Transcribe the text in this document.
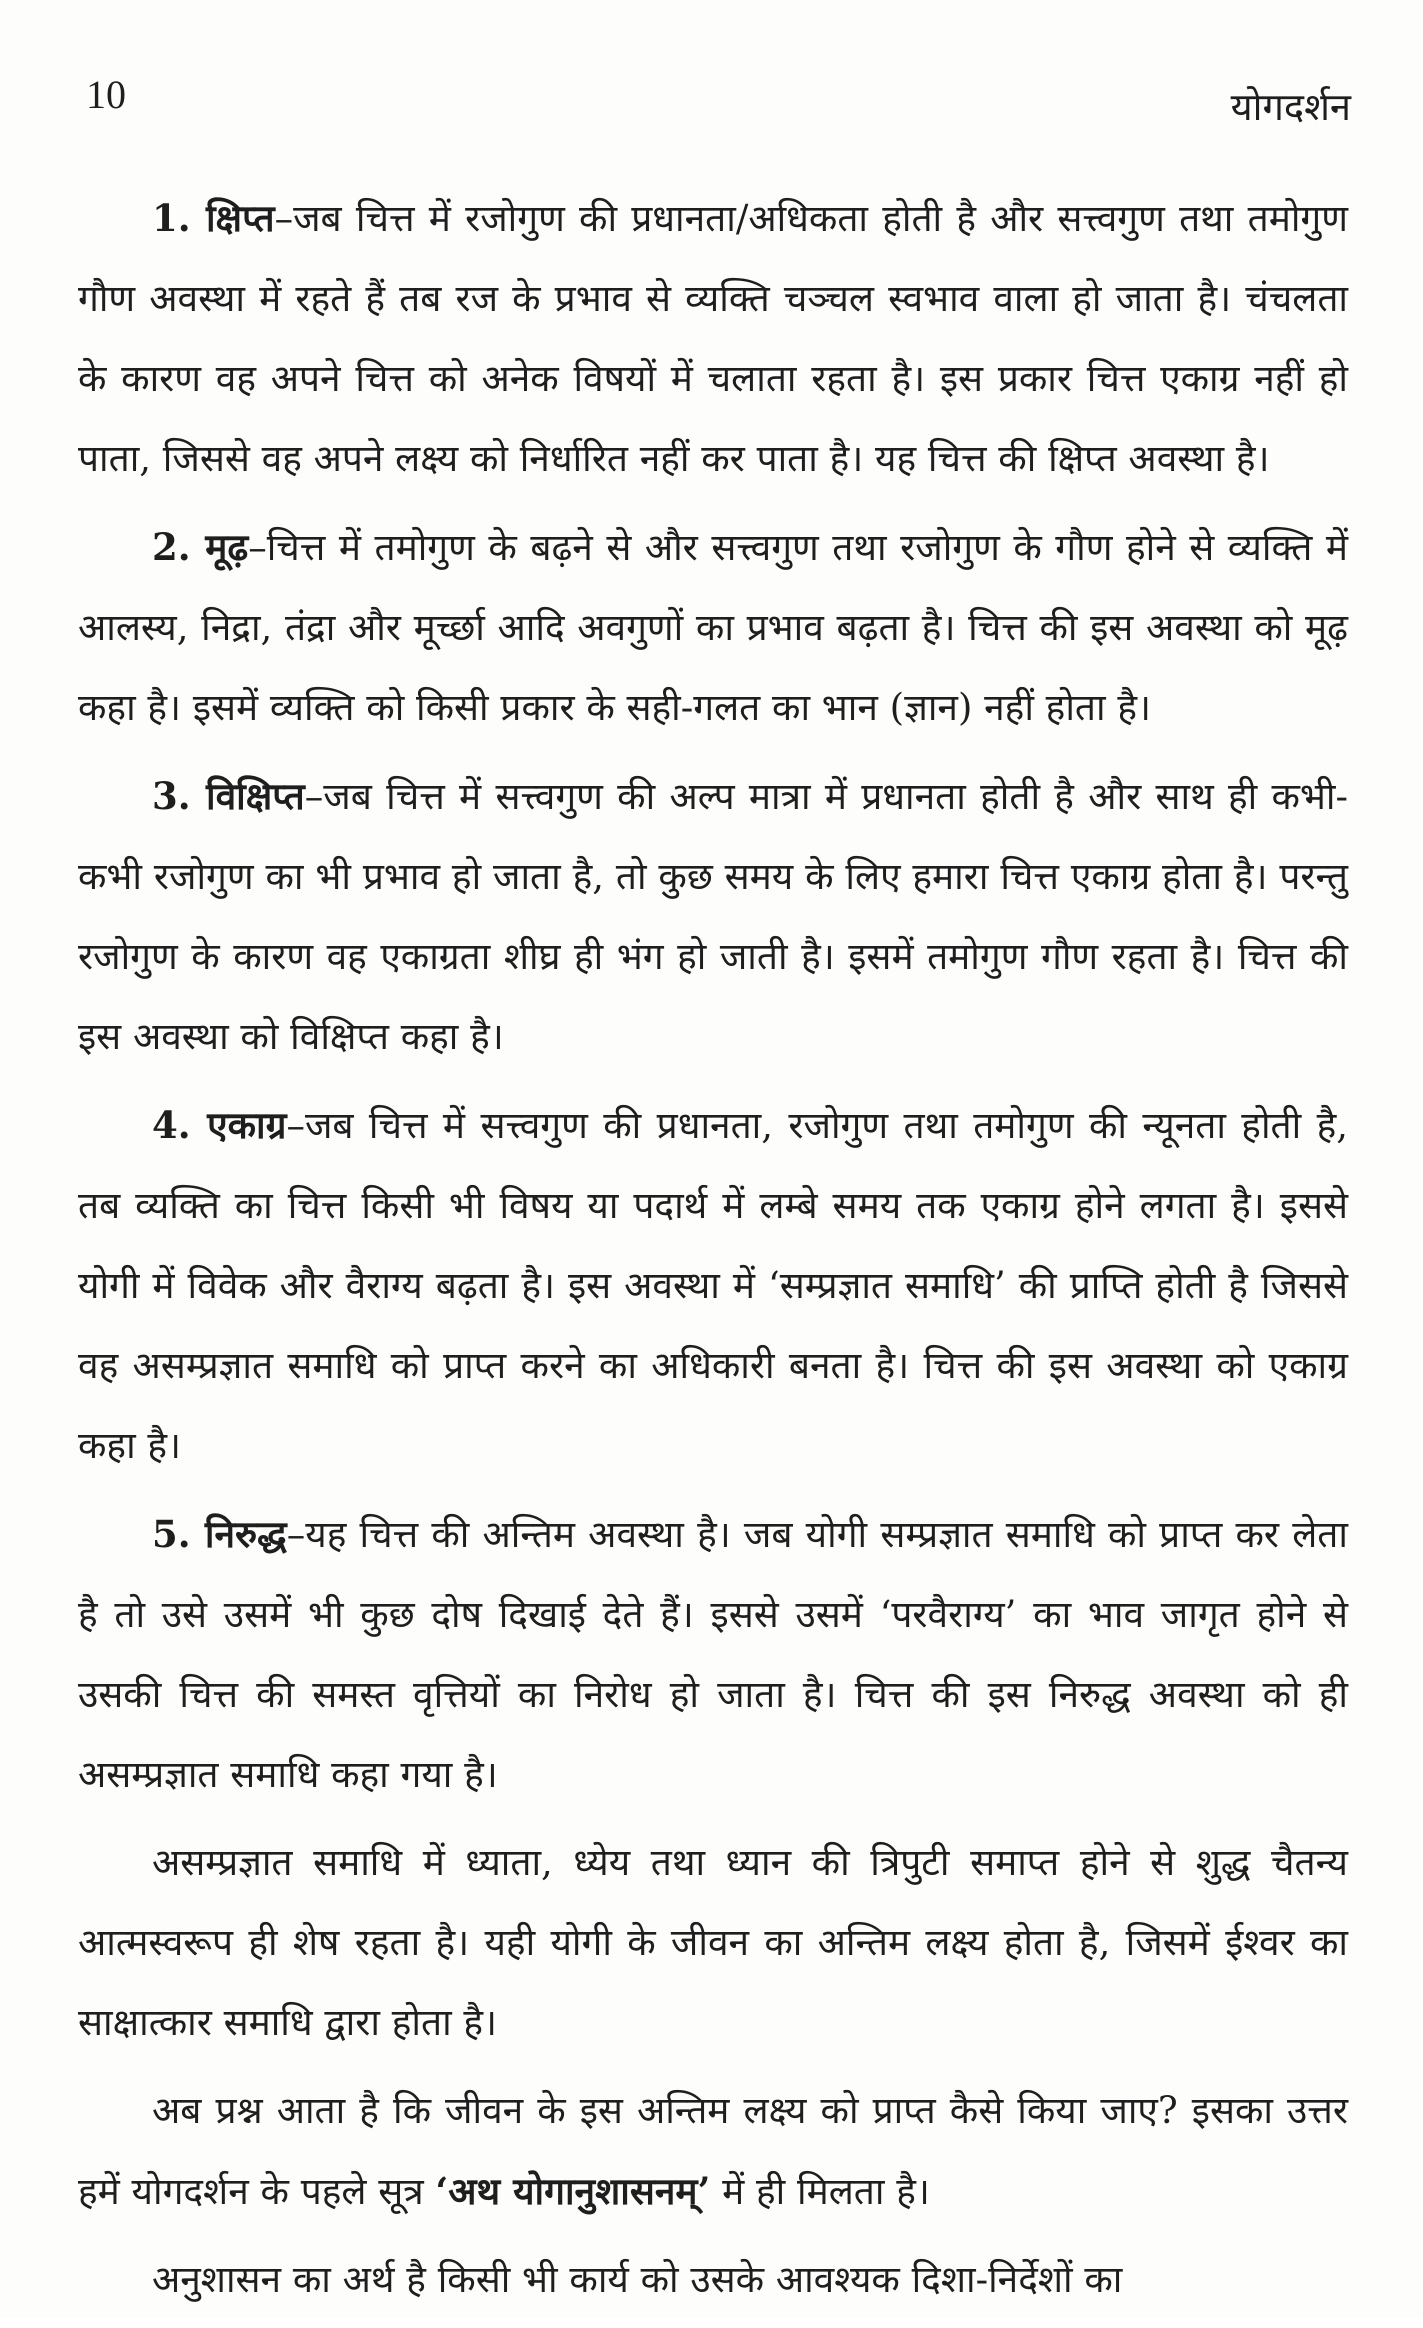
10	योगदर्शन

1. क्षिप्त–जब चित्त में रजोगुण की प्रधानता/अधिकता होती है और सत्त्वगुण तथा तमोगुण गौण अवस्था में रहते हैं तब रज के प्रभाव से व्यक्ति चञ्चल स्वभाव वाला हो जाता है। चंचलता के कारण वह अपने चित्त को अनेक विषयों में चलाता रहता है। इस प्रकार चित्त एकाग्र नहीं हो पाता, जिससे वह अपने लक्ष्य को निर्धारित नहीं कर पाता है। यह चित्त की क्षिप्त अवस्था है।

2. मूढ़–चित्त में तमोगुण के बढ़ने से और सत्त्वगुण तथा रजोगुण के गौण होने से व्यक्ति में आलस्य, निद्रा, तंद्रा और मूर्च्छा आदि अवगुणों का प्रभाव बढ़ता है। चित्त की इस अवस्था को मूढ़ कहा है। इसमें व्यक्ति को किसी प्रकार के सही-गलत का भान (ज्ञान) नहीं होता है।

3. विक्षिप्त–जब चित्त में सत्त्वगुण की अल्प मात्रा में प्रधानता होती है और साथ ही कभी-कभी रजोगुण का भी प्रभाव हो जाता है, तो कुछ समय के लिए हमारा चित्त एकाग्र होता है। परन्तु रजोगुण के कारण वह एकाग्रता शीघ्र ही भंग हो जाती है। इसमें तमोगुण गौण रहता है। चित्त की इस अवस्था को विक्षिप्त कहा है।

4. एकाग्र–जब चित्त में सत्त्वगुण की प्रधानता, रजोगुण तथा तमोगुण की न्यूनता होती है, तब व्यक्ति का चित्त किसी भी विषय या पदार्थ में लम्बे समय तक एकाग्र होने लगता है। इससे योगी में विवेक और वैराग्य बढ़ता है। इस अवस्था में ‘सम्प्रज्ञात समाधि’ की प्राप्ति होती है जिससे वह असम्प्रज्ञात समाधि को प्राप्त करने का अधिकारी बनता है। चित्त की इस अवस्था को एकाग्र कहा है।

5. निरुद्ध–यह चित्त की अन्तिम अवस्था है। जब योगी सम्प्रज्ञात समाधि को प्राप्त कर लेता है तो उसे उसमें भी कुछ दोष दिखाई देते हैं। इससे उसमें ‘परवैराग्य’ का भाव जागृत होने से उसकी चित्त की समस्त वृत्तियों का निरोध हो जाता है। चित्त की इस निरुद्ध अवस्था को ही असम्प्रज्ञात समाधि कहा गया है।

असम्प्रज्ञात समाधि में ध्याता, ध्येय तथा ध्यान की त्रिपुटी समाप्त होने से शुद्ध चैतन्य आत्मस्वरूप ही शेष रहता है। यही योगी के जीवन का अन्तिम लक्ष्य होता है, जिसमें ईश्वर का साक्षात्कार समाधि द्वारा होता है।

अब प्रश्न आता है कि जीवन के इस अन्तिम लक्ष्य को प्राप्त कैसे किया जाए? इसका उत्तर हमें योगदर्शन के पहले सूत्र ‘अथ योगानुशासनम्’ में ही मिलता है।

अनुशासन का अर्थ है किसी भी कार्य को उसके आवश्यक दिशा-निर्देशों का
